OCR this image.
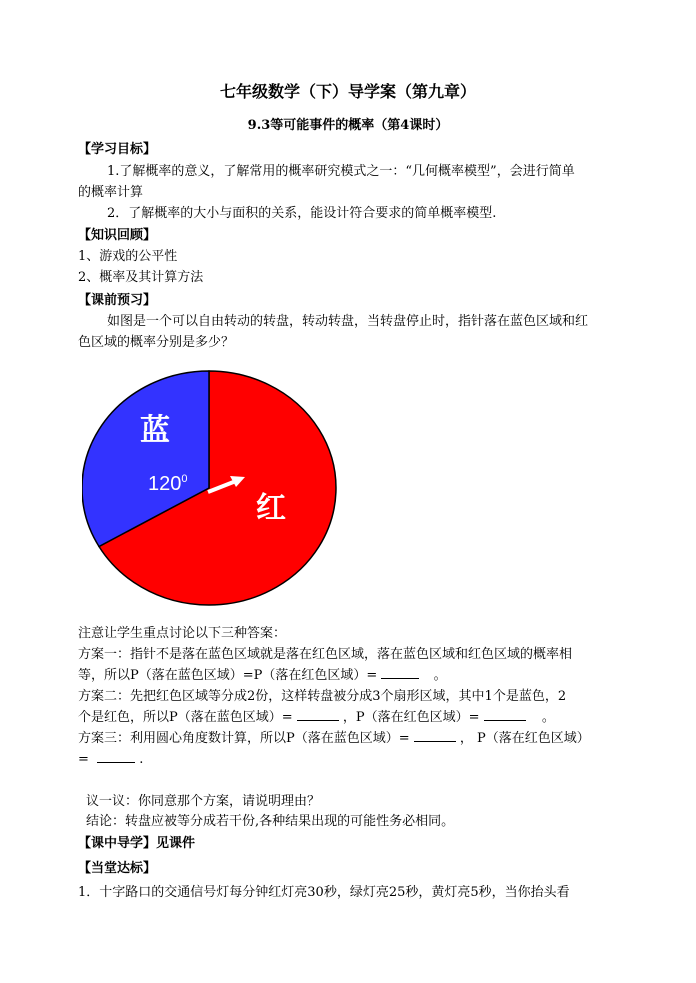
七年级数学（下）导学案（第九章）
9.3等可能事件的概率（第4课时）
【学习目标】
1.了解概率的意义，了解常用的概率研究模式之一：“几何概率模型”，会进行简单
的概率计算
2．了解概率的大小与面积的关系，能设计符合要求的简单概率模型.
【知识回顾】
1、游戏的公平性
2、概率及其计算方法
【课前预习】
如图是一个可以自由转动的转盘，转动转盘，当转盘停止时，指针落在蓝色区域和红
色区域的概率分别是多少？
蓝
$120^0$
红
注意让学生重点讨论以下三种答案：
方案一：指针不是落在蓝色区域就是落在红色区域，落在蓝色区域和红色区域的概率相
等，所以P（落在蓝色区域）=P（落在红色区域）=	。
方案二：先把红色区域等分成2份，这样转盘被分成3个扇形区域，其中1个是蓝色，2
个是红色，所以P（落在蓝色区域）=	，P（落在红色区域）=	。
方案三：利用圆心角度数计算，所以P（落在蓝色区域）=	， P（落在红色区域）
=	.
议一议：你同意那个方案，请说明理由？
结论：转盘应被等分成若干份,各种结果出现的可能性务必相同。
【课中导学】见课件
【当堂达标】
1．十字路口的交通信号灯每分钟红灯亮30秒，绿灯亮25秒，黄灯亮5秒，当你抬头看
